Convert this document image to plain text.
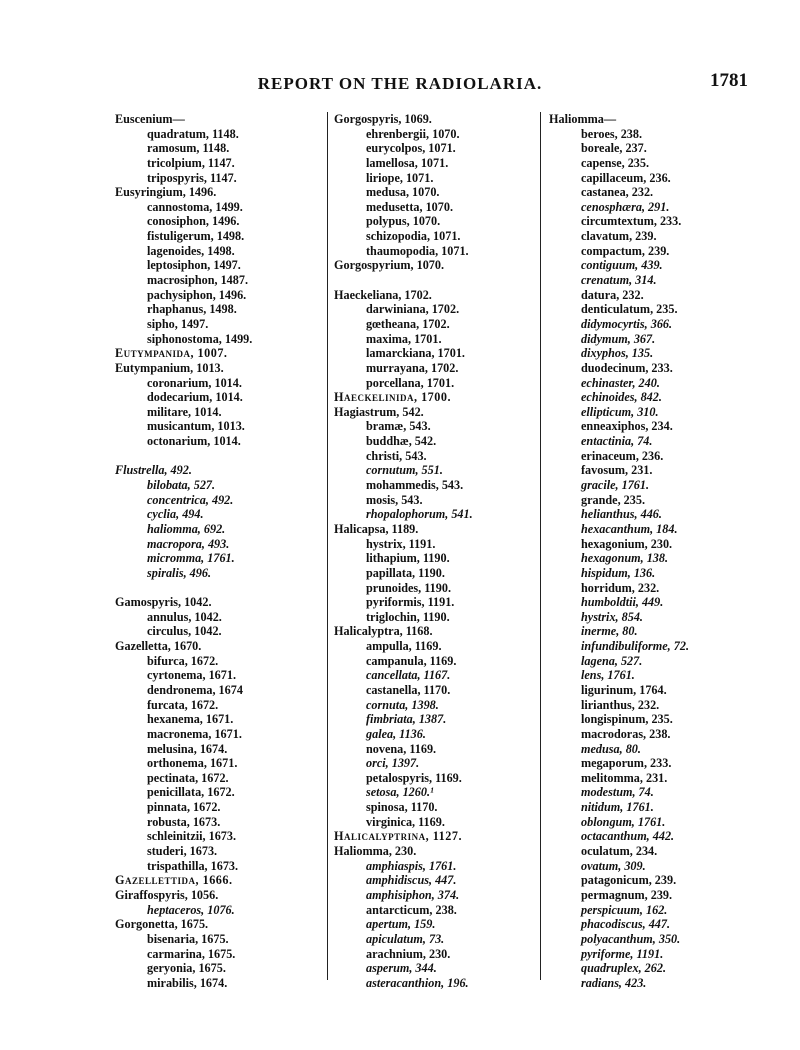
REPORT ON THE RADIOLARIA.	1781
Euscenium—
quadratum, 1148.
ramosum, 1148.
tricolpium, 1147.
tripospyris, 1147.
Eusyringium, 1496.
cannostoma, 1499.
conosiphon, 1496.
fistuligerum, 1498.
lagenoides, 1498.
leptosiphon, 1497.
macrosiphon, 1487.
pachysiphon, 1496.
rhaphanus, 1498.
sipho, 1497.
siphonostoma, 1499.
Eutympanida, 1007.
Eutympanium, 1013.
coronarium, 1014.
dodecarium, 1014.
militare, 1014.
musicantum, 1013.
octonarium, 1014.
Flustrella, 492.
bilobata, 527.
concentrica, 492.
cyclia, 494.
haliomma, 692.
macropora, 493.
micromma, 1761.
spiralis, 496.
Gamospyris, 1042.
annulus, 1042.
circulus, 1042.
Gazelletta, 1670.
bifurca, 1672.
cyrtonema, 1671.
dendronema, 1674
furcata, 1672.
hexanema, 1671.
macronema, 1671.
melusina, 1674.
orthonema, 1671.
pectinata, 1672.
penicillata, 1672.
pinnata, 1672.
robusta, 1673.
schleinitzii, 1673.
studeri, 1673.
trispathilla, 1673.
Gazellettida, 1666.
Giraffospyris, 1056.
heptaceros, 1076.
Gorgonetta, 1675.
bisenaria, 1675.
carmarina, 1675.
geryonia, 1675.
mirabilis, 1674.
Gorgospyris, 1069.
ehrenbergii, 1070.
eurycolpos, 1071.
lamellosa, 1071.
liriope, 1071.
medusa, 1070.
medusetta, 1070.
polypus, 1070.
schizopodia, 1071.
thaumopodia, 1071.
Gorgospyrium, 1070.
Haeckeliana, 1702.
darwiniana, 1702.
gœtheana, 1702.
maxima, 1701.
lamarckiana, 1701.
murrayana, 1702.
porcellana, 1701.
Haeckelinida, 1700.
Hagiastrum, 542.
bramæ, 543.
buddhæ, 542.
christi, 543.
cornutum, 551.
mohammedis, 543.
mosis, 543.
rhopalophorum, 541.
Halicapsa, 1189.
hystrix, 1191.
lithapium, 1190.
papillata, 1190.
prunoides, 1190.
pyriformis, 1191.
triglochin, 1190.
Halicalyptra, 1168.
ampulla, 1169.
campanula, 1169.
cancellata, 1167.
castanella, 1170.
cornuta, 1398.
fimbriata, 1387.
galea, 1136.
novena, 1169.
orci, 1397.
petalospyris, 1169.
setosa, 1260.¹
spinosa, 1170.
virginica, 1169.
Halicalyptrina, 1127.
Haliomma, 230.
amphiaspis, 1761.
amphidiscus, 447.
amphisiphon, 374.
antarcticum, 238.
apertum, 159.
apiculatum, 73.
arachnium, 230.
asperum, 344.
asteracanthion, 196.
Haliomma—
beroes, 238.
boreale, 237.
capense, 235.
capillaceum, 236.
castanea, 232.
cenosphæra, 291.
circumtextum, 233.
clavatum, 239.
compactum, 239.
contiguum, 439.
crenatum, 314.
datura, 232.
denticulatum, 235.
didymocyrtis, 366.
didymum, 367.
dixyphos, 135.
duodecinum, 233.
echinaster, 240.
echinoides, 842.
ellipticum, 310.
enneaxiphos, 234.
entactinia, 74.
erinaceum, 236.
favosum, 231.
gracile, 1761.
grande, 235.
helianthus, 446.
hexacanthum, 184.
hexagonium, 230.
hexagonum, 138.
hispidum, 136.
horridum, 232.
humboldtii, 449.
hystrix, 854.
inerme, 80.
infundibuliforme, 72.
lagena, 527.
lens, 1761.
ligurinum, 1764.
lirianthus, 232.
longispinum, 235.
macrodoras, 238.
medusa, 80.
megaporum, 233.
melitomma, 231.
modestum, 74.
nitidum, 1761.
oblongum, 1761.
octacanthum, 442.
oculatum, 234.
ovatum, 309.
patagonicum, 239.
permagnum, 239.
perspicuum, 162.
phacodiscus, 447.
polyacanthum, 350.
pyriforme, 1191.
quadruplex, 262.
radians, 423.
